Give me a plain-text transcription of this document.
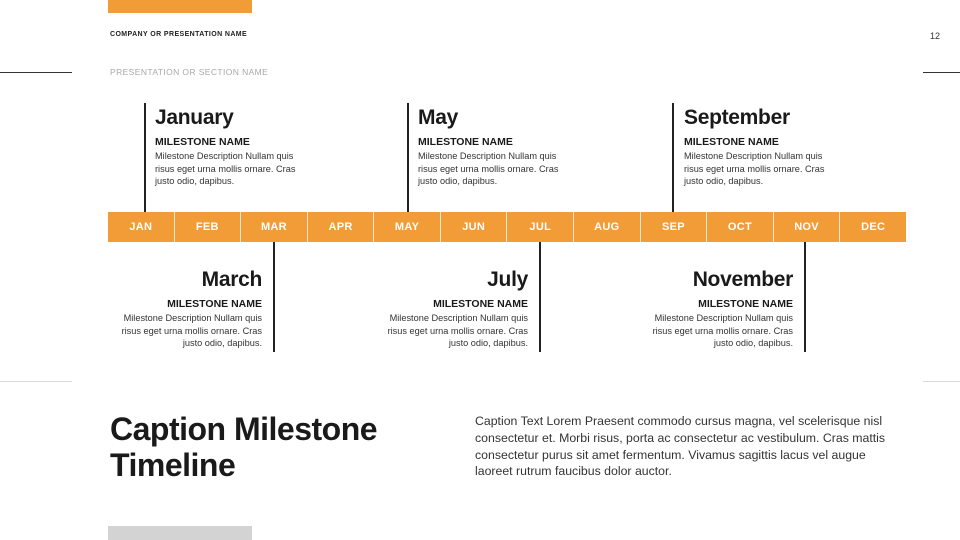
COMPANY OR PRESENTATION NAME	12
PRESENTATION OR SECTION NAME
JAN	FEB	MAR	APR	MAY	JUN	JUL	AUG	SEP	OCT	NOV	DEC
January
MILESTONE NAME
Milestone Description Nullam quis risus eget urna mollis ornare. Cras justo odio, dapibus.
May
MILESTONE NAME
Milestone Description Nullam quis risus eget urna mollis ornare. Cras justo odio, dapibus.
September
MILESTONE NAME
Milestone Description Nullam quis risus eget urna mollis ornare. Cras justo odio, dapibus.
March
MILESTONE NAME
Milestone Description Nullam quis risus eget urna mollis ornare. Cras justo odio, dapibus.
July
MILESTONE NAME
Milestone Description Nullam quis risus eget urna mollis ornare. Cras justo odio, dapibus.
November
MILESTONE NAME
Milestone Description Nullam quis risus eget urna mollis ornare. Cras justo odio, dapibus.
Caption Milestone Timeline
Caption Text Lorem Praesent commodo cursus magna, vel scelerisque nisl consectetur et. Morbi risus, porta ac consectetur ac vestibulum. Cras mattis consectetur purus sit amet fermentum. Vivamus sagittis lacus vel augue laoreet rutrum faucibus dolor auctor.
